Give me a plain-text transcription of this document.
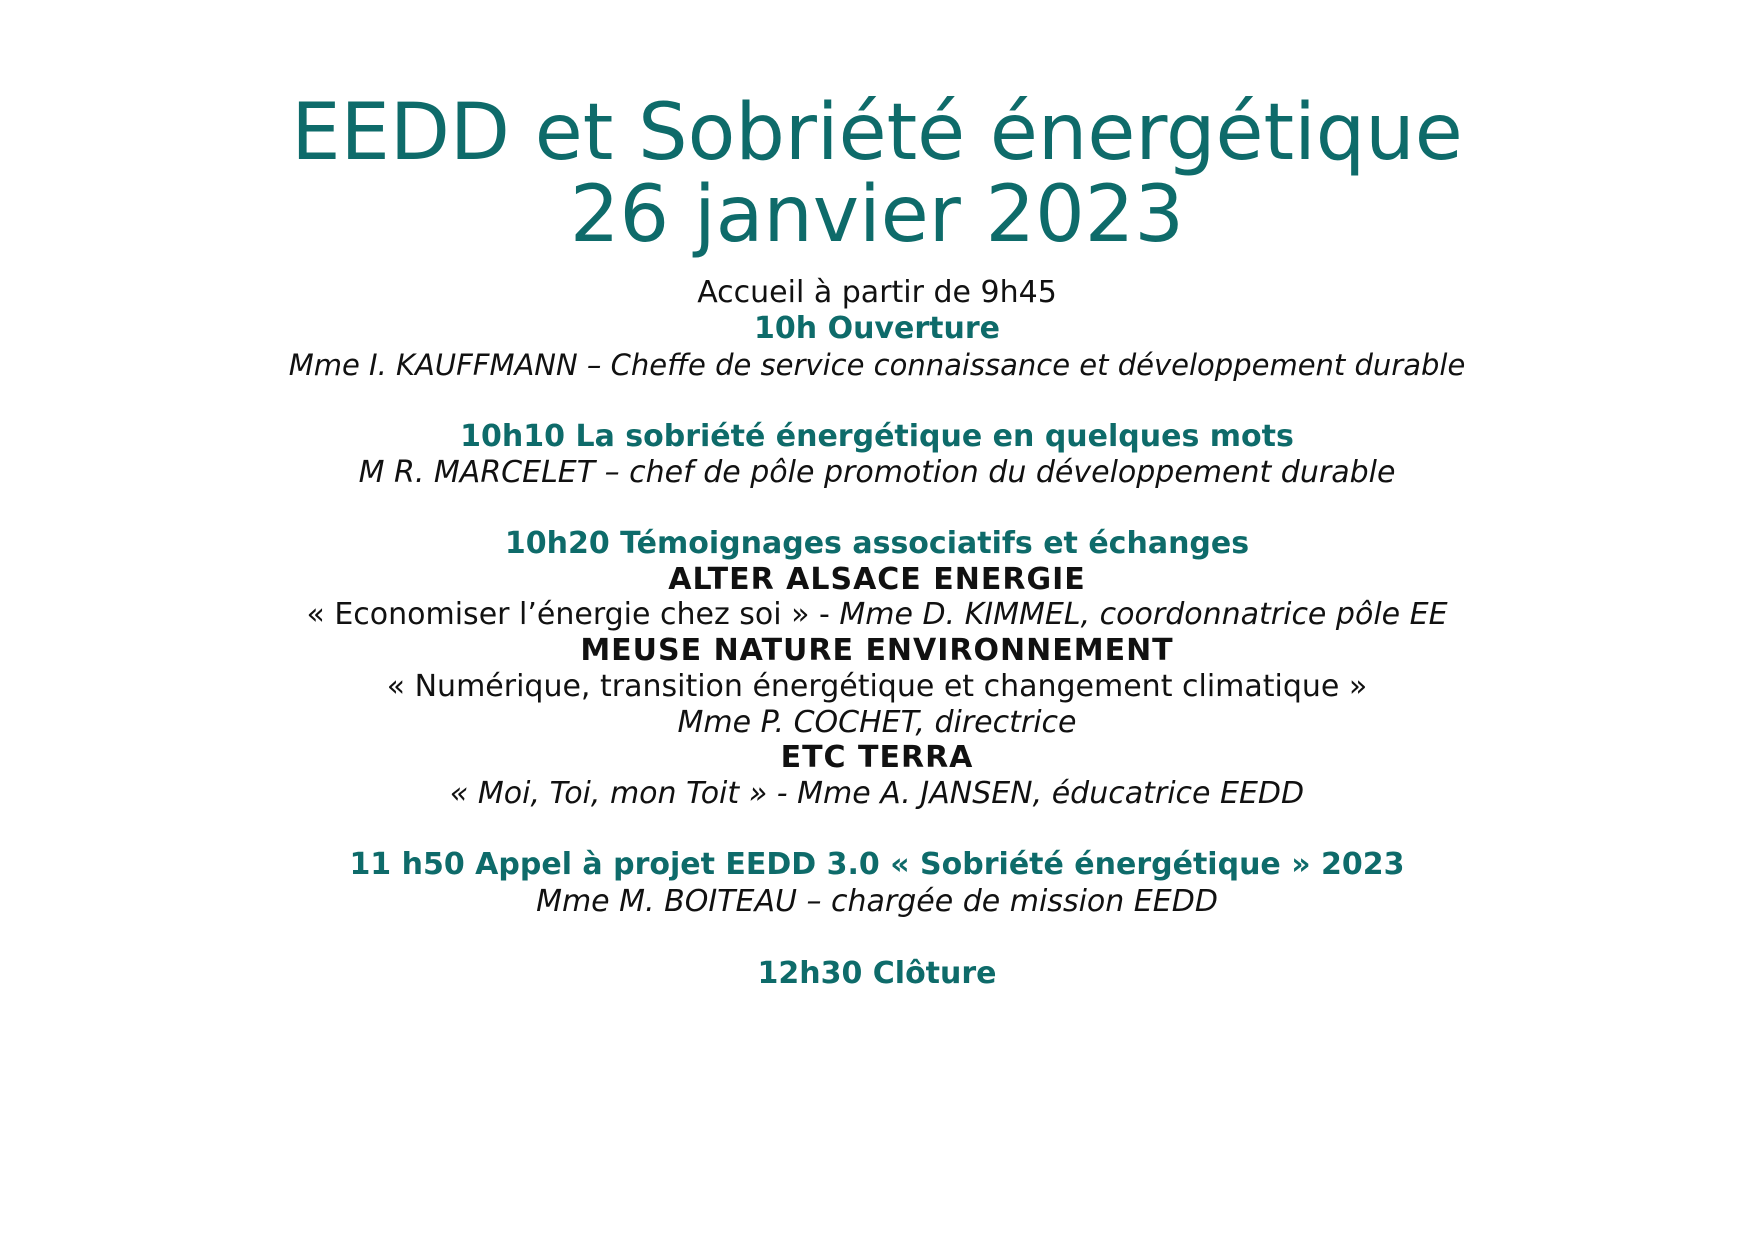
EEDD et Sobriété énergétique
26 janvier 2023

Accueil à partir de 9h45

10h Ouverture

Mme I. KAUFFMANN – Cheffe de service connaissance et développement durable

10h10 La sobriété énergétique en quelques mots

M R. MARCELET – chef de pôle promotion du développement durable

10h20 Témoignages associatifs et échanges

ALTER ALSACE ENERGIE

« Economiser l’énergie chez soi » - Mme D. KIMMEL, coordonnatrice pôle EE

MEUSE NATURE ENVIRONNEMENT

« Numérique, transition énergétique et changement climatique »

Mme P. COCHET, directrice

ETC TERRA

« Moi, Toi, mon Toit » - Mme A. JANSEN, éducatrice EEDD

11 h50 Appel à projet EEDD 3.0 « Sobriété énergétique » 2023

Mme M. BOITEAU – chargée de mission EEDD

12h30 Clôture
